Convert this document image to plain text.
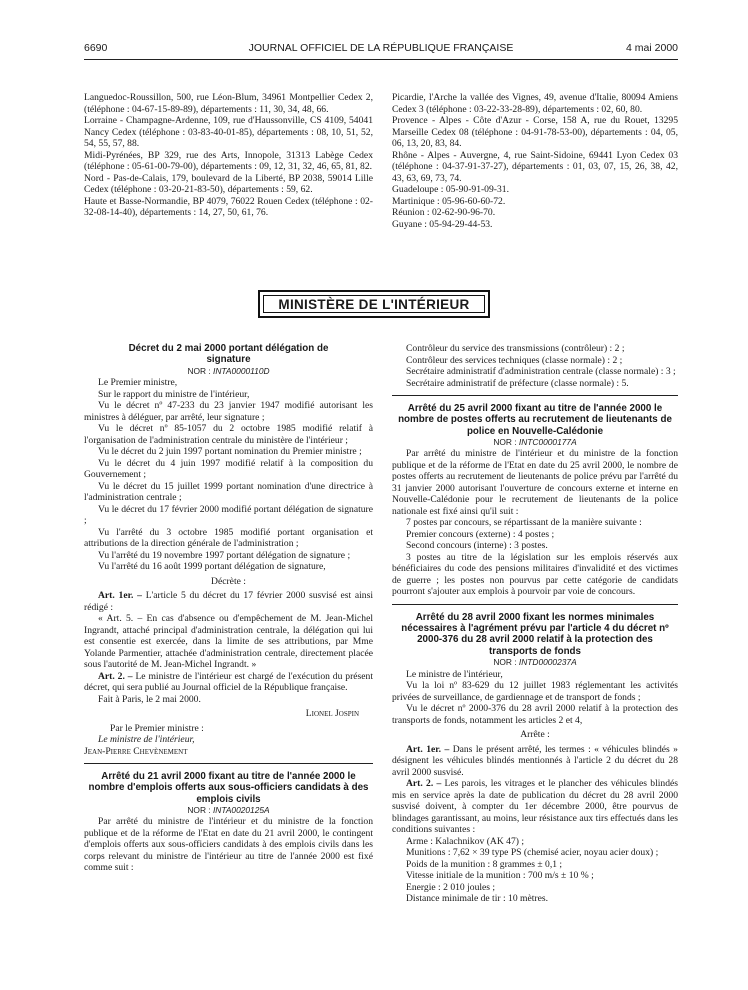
6690	JOURNAL OFFICIEL DE LA RÉPUBLIQUE FRANÇAISE	4 mai 2000

Languedoc-Roussillon, 500, rue Léon-Blum, 34961 Montpellier Cedex 2, (téléphone : 04-67-15-89-89), départements : 11, 30, 34, 48, 66.

Lorraine - Champagne-Ardenne, 109, rue d'Haussonville, CS 4109, 54041 Nancy Cedex (téléphone : 03-83-40-01-85), départements : 08, 10, 51, 52, 54, 55, 57, 88.

Midi-Pyrénées, BP 329, rue des Arts, Innopole, 31313 Labège Cedex (téléphone : 05-61-00-79-00), départements : 09, 12, 31, 32, 46, 65, 81, 82.

Nord - Pas-de-Calais, 179, boulevard de la Liberté, BP 2038, 59014 Lille Cedex (téléphone : 03-20-21-83-50), départements : 59, 62.

Haute et Basse-Normandie, BP 4079, 76022 Rouen Cedex (téléphone : 02-32-08-14-40), départements : 14, 27, 50, 61, 76.

Picardie, l'Arche la vallée des Vignes, 49, avenue d'Italie, 80094 Amiens Cedex 3 (téléphone : 03-22-33-28-89), départements : 02, 60, 80.

Provence - Alpes - Côte d'Azur - Corse, 158 A, rue du Rouet, 13295 Marseille Cedex 08 (téléphone : 04-91-78-53-00), départements : 04, 05, 06, 13, 20, 83, 84.

Rhône - Alpes - Auvergne, 4, rue Saint-Sidoine, 69441 Lyon Cedex 03 (téléphone : 04-37-91-37-27), départements : 01, 03, 07, 15, 26, 38, 42, 43, 63, 69, 73, 74.

Guadeloupe : 05-90-91-09-31.

Martinique : 05-96-60-60-72.

Réunion : 02-62-90-96-70.

Guyane : 05-94-29-44-53.

MINISTÈRE DE L'INTÉRIEUR

Décret du 2 mai 2000 portant délégation de signature

NOR : INTA0000110D

Le Premier ministre,

Sur le rapport du ministre de l'intérieur,

Vu le décret nº 47-233 du 23 janvier 1947 modifié autorisant les ministres à déléguer, par arrêté, leur signature ;

Vu le décret nº 85-1057 du 2 octobre 1985 modifié relatif à l'organisation de l'administration centrale du ministère de l'intérieur ;

Vu le décret du 2 juin 1997 portant nomination du Premier ministre ;

Vu le décret du 4 juin 1997 modifié relatif à la composition du Gouvernement ;

Vu le décret du 15 juillet 1999 portant nomination d'une directrice à l'administration centrale ;

Vu le décret du 17 février 2000 modifié portant délégation de signature ;

Vu l'arrêté du 3 octobre 1985 modifié portant organisation et attributions de la direction générale de l'administration ;

Vu l'arrêté du 19 novembre 1997 portant délégation de signature ;

Vu l'arrêté du 16 août 1999 portant délégation de signature,

Décrète :

Art. 1er. – L'article 5 du décret du 17 février 2000 susvisé est ainsi rédigé :

« Art. 5. – En cas d'absence ou d'empêchement de M. Jean-Michel Ingrandt, attaché principal d'administration centrale, la délégation qui lui est consentie est exercée, dans la limite de ses attributions, par Mme Yolande Parmentier, attachée d'administration centrale, directement placée sous l'autorité de M. Jean-Michel Ingrandt. »

Art. 2. – Le ministre de l'intérieur est chargé de l'exécution du présent décret, qui sera publié au Journal officiel de la République française.

Fait à Paris, le 2 mai 2000.

Lionel Jospin

Par le Premier ministre :

Le ministre de l'intérieur,

Jean-Pierre Chevènement

Arrêté du 21 avril 2000 fixant au titre de l'année 2000 le nombre d'emplois offerts aux sous-officiers candidats à des emplois civils

NOR : INTA0020125A

Par arrêté du ministre de l'intérieur et du ministre de la fonction publique et de la réforme de l'Etat en date du 21 avril 2000, le contingent d'emplois offerts aux sous-officiers candidats à des emplois civils dans les corps relevant du ministre de l'intérieur au titre de l'année 2000 est fixé comme suit :

Contrôleur du service des transmissions (contrôleur) : 2 ;

Contrôleur des services techniques (classe normale) : 2 ;

Secrétaire administratif d'administration centrale (classe normale) : 3 ;

Secrétaire administratif de préfecture (classe normale) : 5.

Arrêté du 25 avril 2000 fixant au titre de l'année 2000 le nombre de postes offerts au recrutement de lieutenants de police en Nouvelle-Calédonie

NOR : INTC0000177A

Par arrêté du ministre de l'intérieur et du ministre de la fonction publique et de la réforme de l'Etat en date du 25 avril 2000, le nombre de postes offerts au recrutement de lieutenants de police prévu par l'arrêté du 31 janvier 2000 autorisant l'ouverture de concours externe et interne en Nouvelle-Calédonie pour le recrutement de lieutenants de la police nationale est fixé ainsi qu'il suit :

7 postes par concours, se répartissant de la manière suivante :

Premier concours (externe) : 4 postes ;

Second concours (interne) : 3 postes.

3 postes au titre de la législation sur les emplois réservés aux bénéficiaires du code des pensions militaires d'invalidité et des victimes de guerre ; les postes non pourvus par cette catégorie de candidats pourront s'ajouter aux emplois à pourvoir par voie de concours.

Arrêté du 28 avril 2000 fixant les normes minimales nécessaires à l'agrément prévu par l'article 4 du décret nº 2000-376 du 28 avril 2000 relatif à la protection des transports de fonds

NOR : INTD0000237A

Le ministre de l'intérieur,

Vu la loi nº 83-629 du 12 juillet 1983 réglementant les activités privées de surveillance, de gardiennage et de transport de fonds ;

Vu le décret nº 2000-376 du 28 avril 2000 relatif à la protection des transports de fonds, notamment les articles 2 et 4,

Arrête :

Art. 1er. – Dans le présent arrêté, les termes : « véhicules blindés » désignent les véhicules blindés mentionnés à l'article 2 du décret du 28 avril 2000 susvisé.

Art. 2. – Les parois, les vitrages et le plancher des véhicules blindés mis en service après la date de publication du décret du 28 avril 2000 susvisé doivent, à compter du 1er décembre 2000, être pourvus de blindages garantissant, au moins, leur résistance aux tirs effectués dans les conditions suivantes :

Arme : Kalachnikov (AK 47) ;

Munitions : 7,62 × 39 type PS (chemisé acier, noyau acier doux) ;

Poids de la munition : 8 grammes ± 0,1 ;

Vitesse initiale de la munition : 700 m/s ± 10 % ;

Energie : 2 010 joules ;

Distance minimale de tir : 10 mètres.
